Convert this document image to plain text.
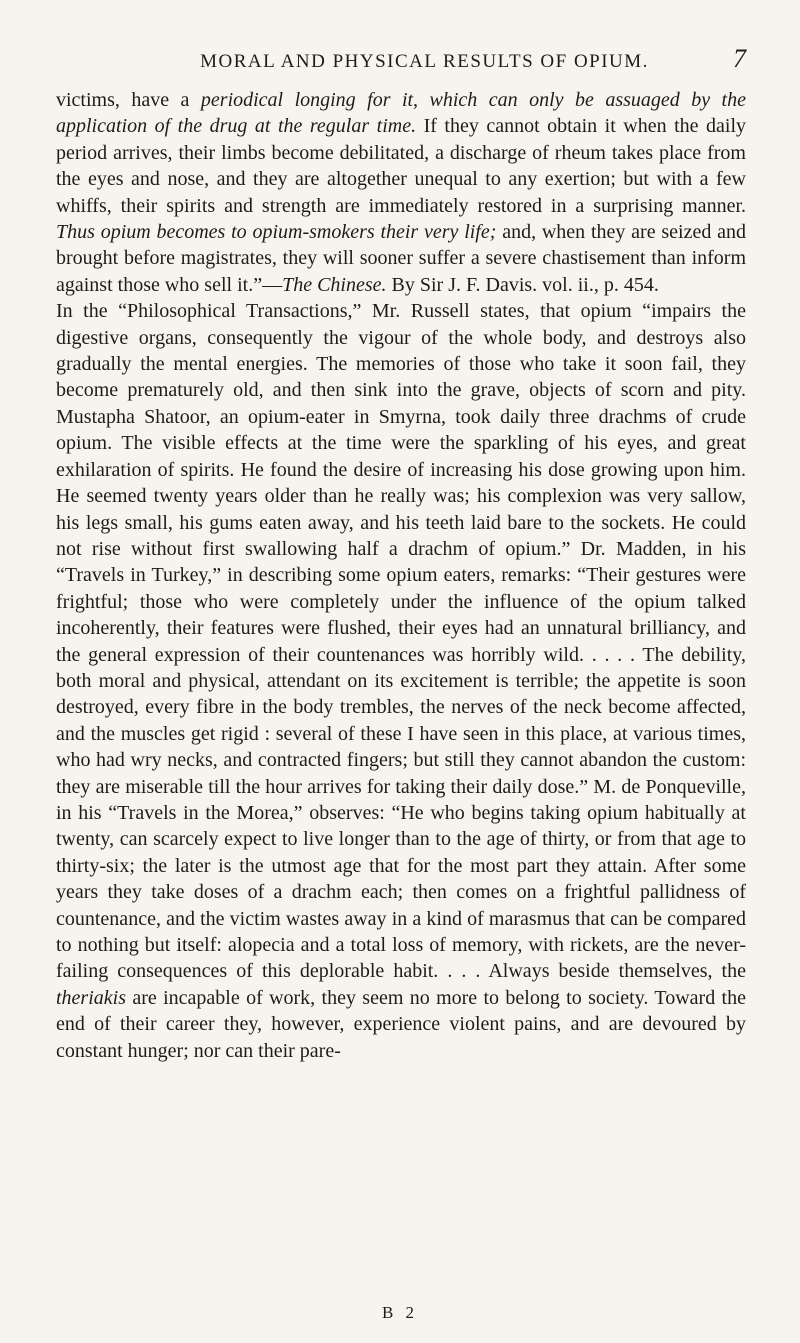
MORAL AND PHYSICAL RESULTS OF OPIUM.	7

victims, have a periodical longing for it, which can only be assuaged by the application of the drug at the regular time. If they cannot obtain it when the daily period arrives, their limbs become debilitated, a discharge of rheum takes place from the eyes and nose, and they are altogether unequal to any exertion; but with a few whiffs, their spirits and strength are immediately restored in a surprising manner. Thus opium becomes to opium-smokers their very life; and, when they are seized and brought before magistrates, they will sooner suffer a severe chastisement than inform against those who sell it.”—The Chinese. By Sir J. F. Davis. vol. ii., p. 454.

In the “Philosophical Transactions,” Mr. Russell states, that opium “impairs the digestive organs, consequently the vigour of the whole body, and destroys also gradually the mental energies. The memories of those who take it soon fail, they become prematurely old, and then sink into the grave, objects of scorn and pity. Mustapha Shatoor, an opium-eater in Smyrna, took daily three drachms of crude opium. The visible effects at the time were the sparkling of his eyes, and great exhilaration of spirits. He found the desire of increasing his dose growing upon him. He seemed twenty years older than he really was; his complexion was very sallow, his legs small, his gums eaten away, and his teeth laid bare to the sockets. He could not rise without first swallowing half a drachm of opium.” Dr. Madden, in his “Travels in Turkey,” in describing some opium eaters, remarks: “Their gestures were frightful; those who were completely under the influence of the opium talked incoherently, their features were flushed, their eyes had an unnatural brilliancy, and the general expression of their countenances was horribly wild. . . . . The debility, both moral and physical, attendant on its excitement is terrible; the appetite is soon destroyed, every fibre in the body trembles, the nerves of the neck become affected, and the muscles get rigid : several of these I have seen in this place, at various times, who had wry necks, and contracted fingers; but still they cannot abandon the custom: they are miserable till the hour arrives for taking their daily dose.” M. de Ponqueville, in his “Travels in the Morea,” observes: “He who begins taking opium habitually at twenty, can scarcely expect to live longer than to the age of thirty, or from that age to thirty-six; the later is the utmost age that for the most part they attain. After some years they take doses of a drachm each; then comes on a frightful pallidness of countenance, and the victim wastes away in a kind of marasmus that can be compared to nothing but itself: alopecia and a total loss of memory, with rickets, are the never-failing consequences of this deplorable habit. . . . Always beside themselves, the theriakis are incapable of work, they seem no more to belong to society. Toward the end of their career they, however, experience violent pains, and are devoured by constant hunger; nor can their pare-

B 2
